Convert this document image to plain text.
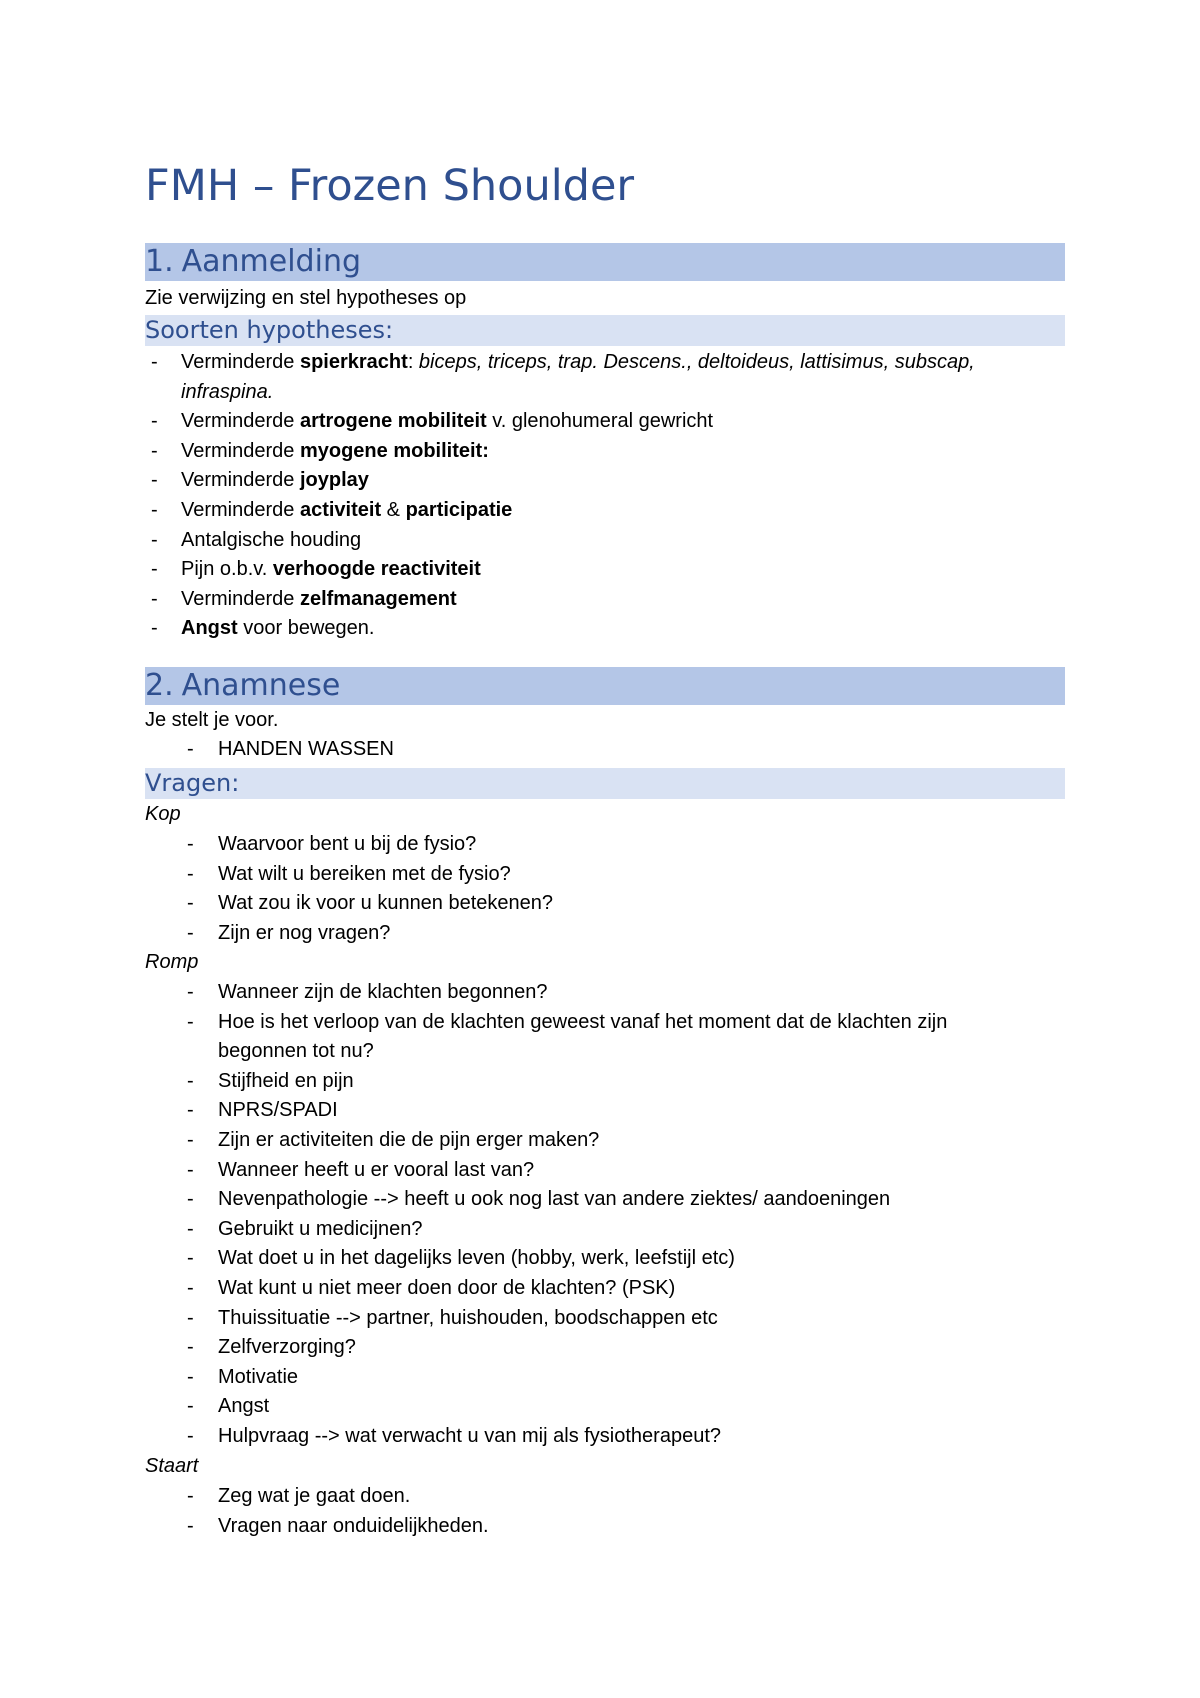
FMH – Frozen Shoulder
1. Aanmelding
Zie verwijzing en stel hypotheses op
Soorten hypotheses:
- Verminderde spierkracht: biceps, triceps, trap. Descens., deltoideus, lattisimus, subscap, infraspina.
- Verminderde artrogene mobiliteit v. glenohumeral gewricht
- Verminderde myogene mobiliteit:
- Verminderde joyplay
- Verminderde activiteit & participatie
- Antalgische houding
- Pijn o.b.v. verhoogde reactiviteit
- Verminderde zelfmanagement
- Angst voor bewegen.
2. Anamnese
Je stelt je voor.
- HANDEN WASSEN
Vragen:
Kop
- Waarvoor bent u bij de fysio?
- Wat wilt u bereiken met de fysio?
- Wat zou ik voor u kunnen betekenen?
- Zijn er nog vragen?
Romp
- Wanneer zijn de klachten begonnen?
- Hoe is het verloop van de klachten geweest vanaf het moment dat de klachten zijn begonnen tot nu?
- Stijfheid en pijn
- NPRS/SPADI
- Zijn er activiteiten die de pijn erger maken?
- Wanneer heeft u er vooral last van?
- Nevenpathologie --> heeft u ook nog last van andere ziektes/ aandoeningen
- Gebruikt u medicijnen?
- Wat doet u in het dagelijks leven (hobby, werk, leefstijl etc)
- Wat kunt u niet meer doen door de klachten? (PSK)
- Thuissituatie --> partner, huishouden, boodschappen etc
- Zelfverzorging?
- Motivatie
- Angst
- Hulpvraag --> wat verwacht u van mij als fysiotherapeut?
Staart
- Zeg wat je gaat doen.
- Vragen naar onduidelijkheden.
